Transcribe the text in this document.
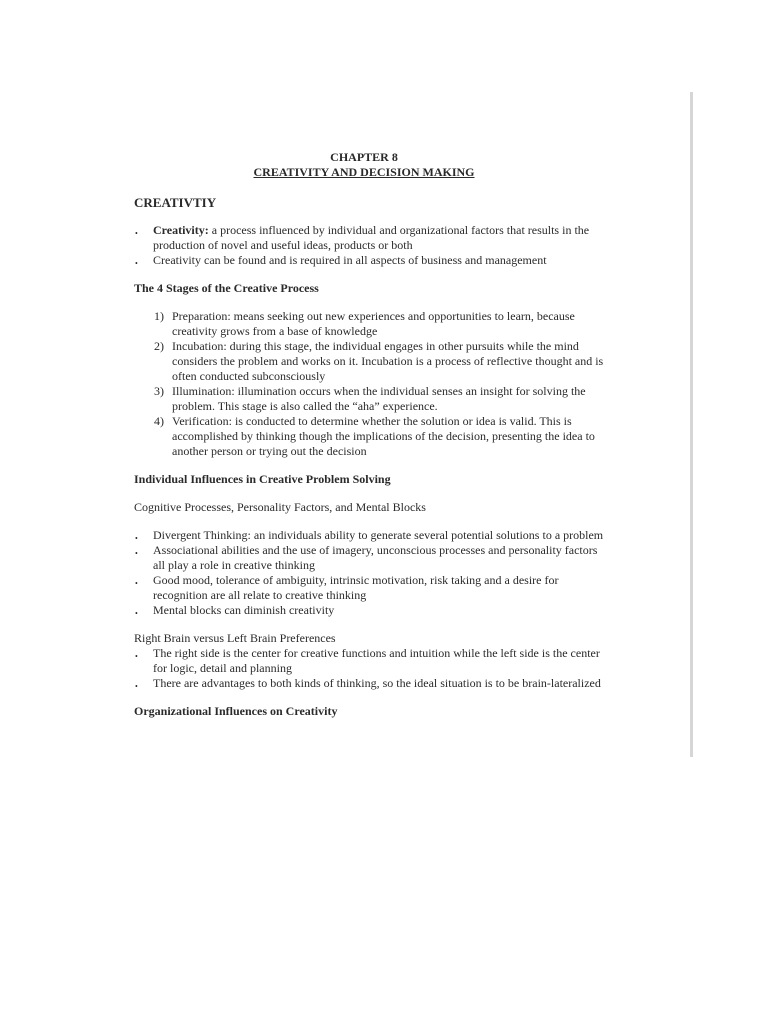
CHAPTER 8
CREATIVITY AND DECISION MAKING

CREATIVTIY

• Creativity: a process influenced by individual and organizational factors that results in the production of novel and useful ideas, products or both
• Creativity can be found and is required in all aspects of business and management

The 4 Stages of the Creative Process

1) Preparation: means seeking out new experiences and opportunities to learn, because creativity grows from a base of knowledge
2) Incubation: during this stage, the individual engages in other pursuits while the mind considers the problem and works on it. Incubation is a process of reflective thought and is often conducted subconsciously
3) Illumination: illumination occurs when the individual senses an insight for solving the problem. This stage is also called the “aha” experience.
4) Verification: is conducted to determine whether the solution or idea is valid. This is accomplished by thinking though the implications of the decision, presenting the idea to another person or trying out the decision

Individual Influences in Creative Problem Solving

Cognitive Processes, Personality Factors, and Mental Blocks

• Divergent Thinking: an individuals ability to generate several potential solutions to a problem
• Associational abilities and the use of imagery, unconscious processes and personality factors all play a role in creative thinking
• Good mood, tolerance of ambiguity, intrinsic motivation, risk taking and a desire for recognition are all relate to creative thinking
• Mental blocks can diminish creativity

Right Brain versus Left Brain Preferences

• The right side is the center for creative functions and intuition while the left side is the center for logic, detail and planning
• There are advantages to both kinds of thinking, so the ideal situation is to be brain-lateralized

Organizational Influences on Creativity
